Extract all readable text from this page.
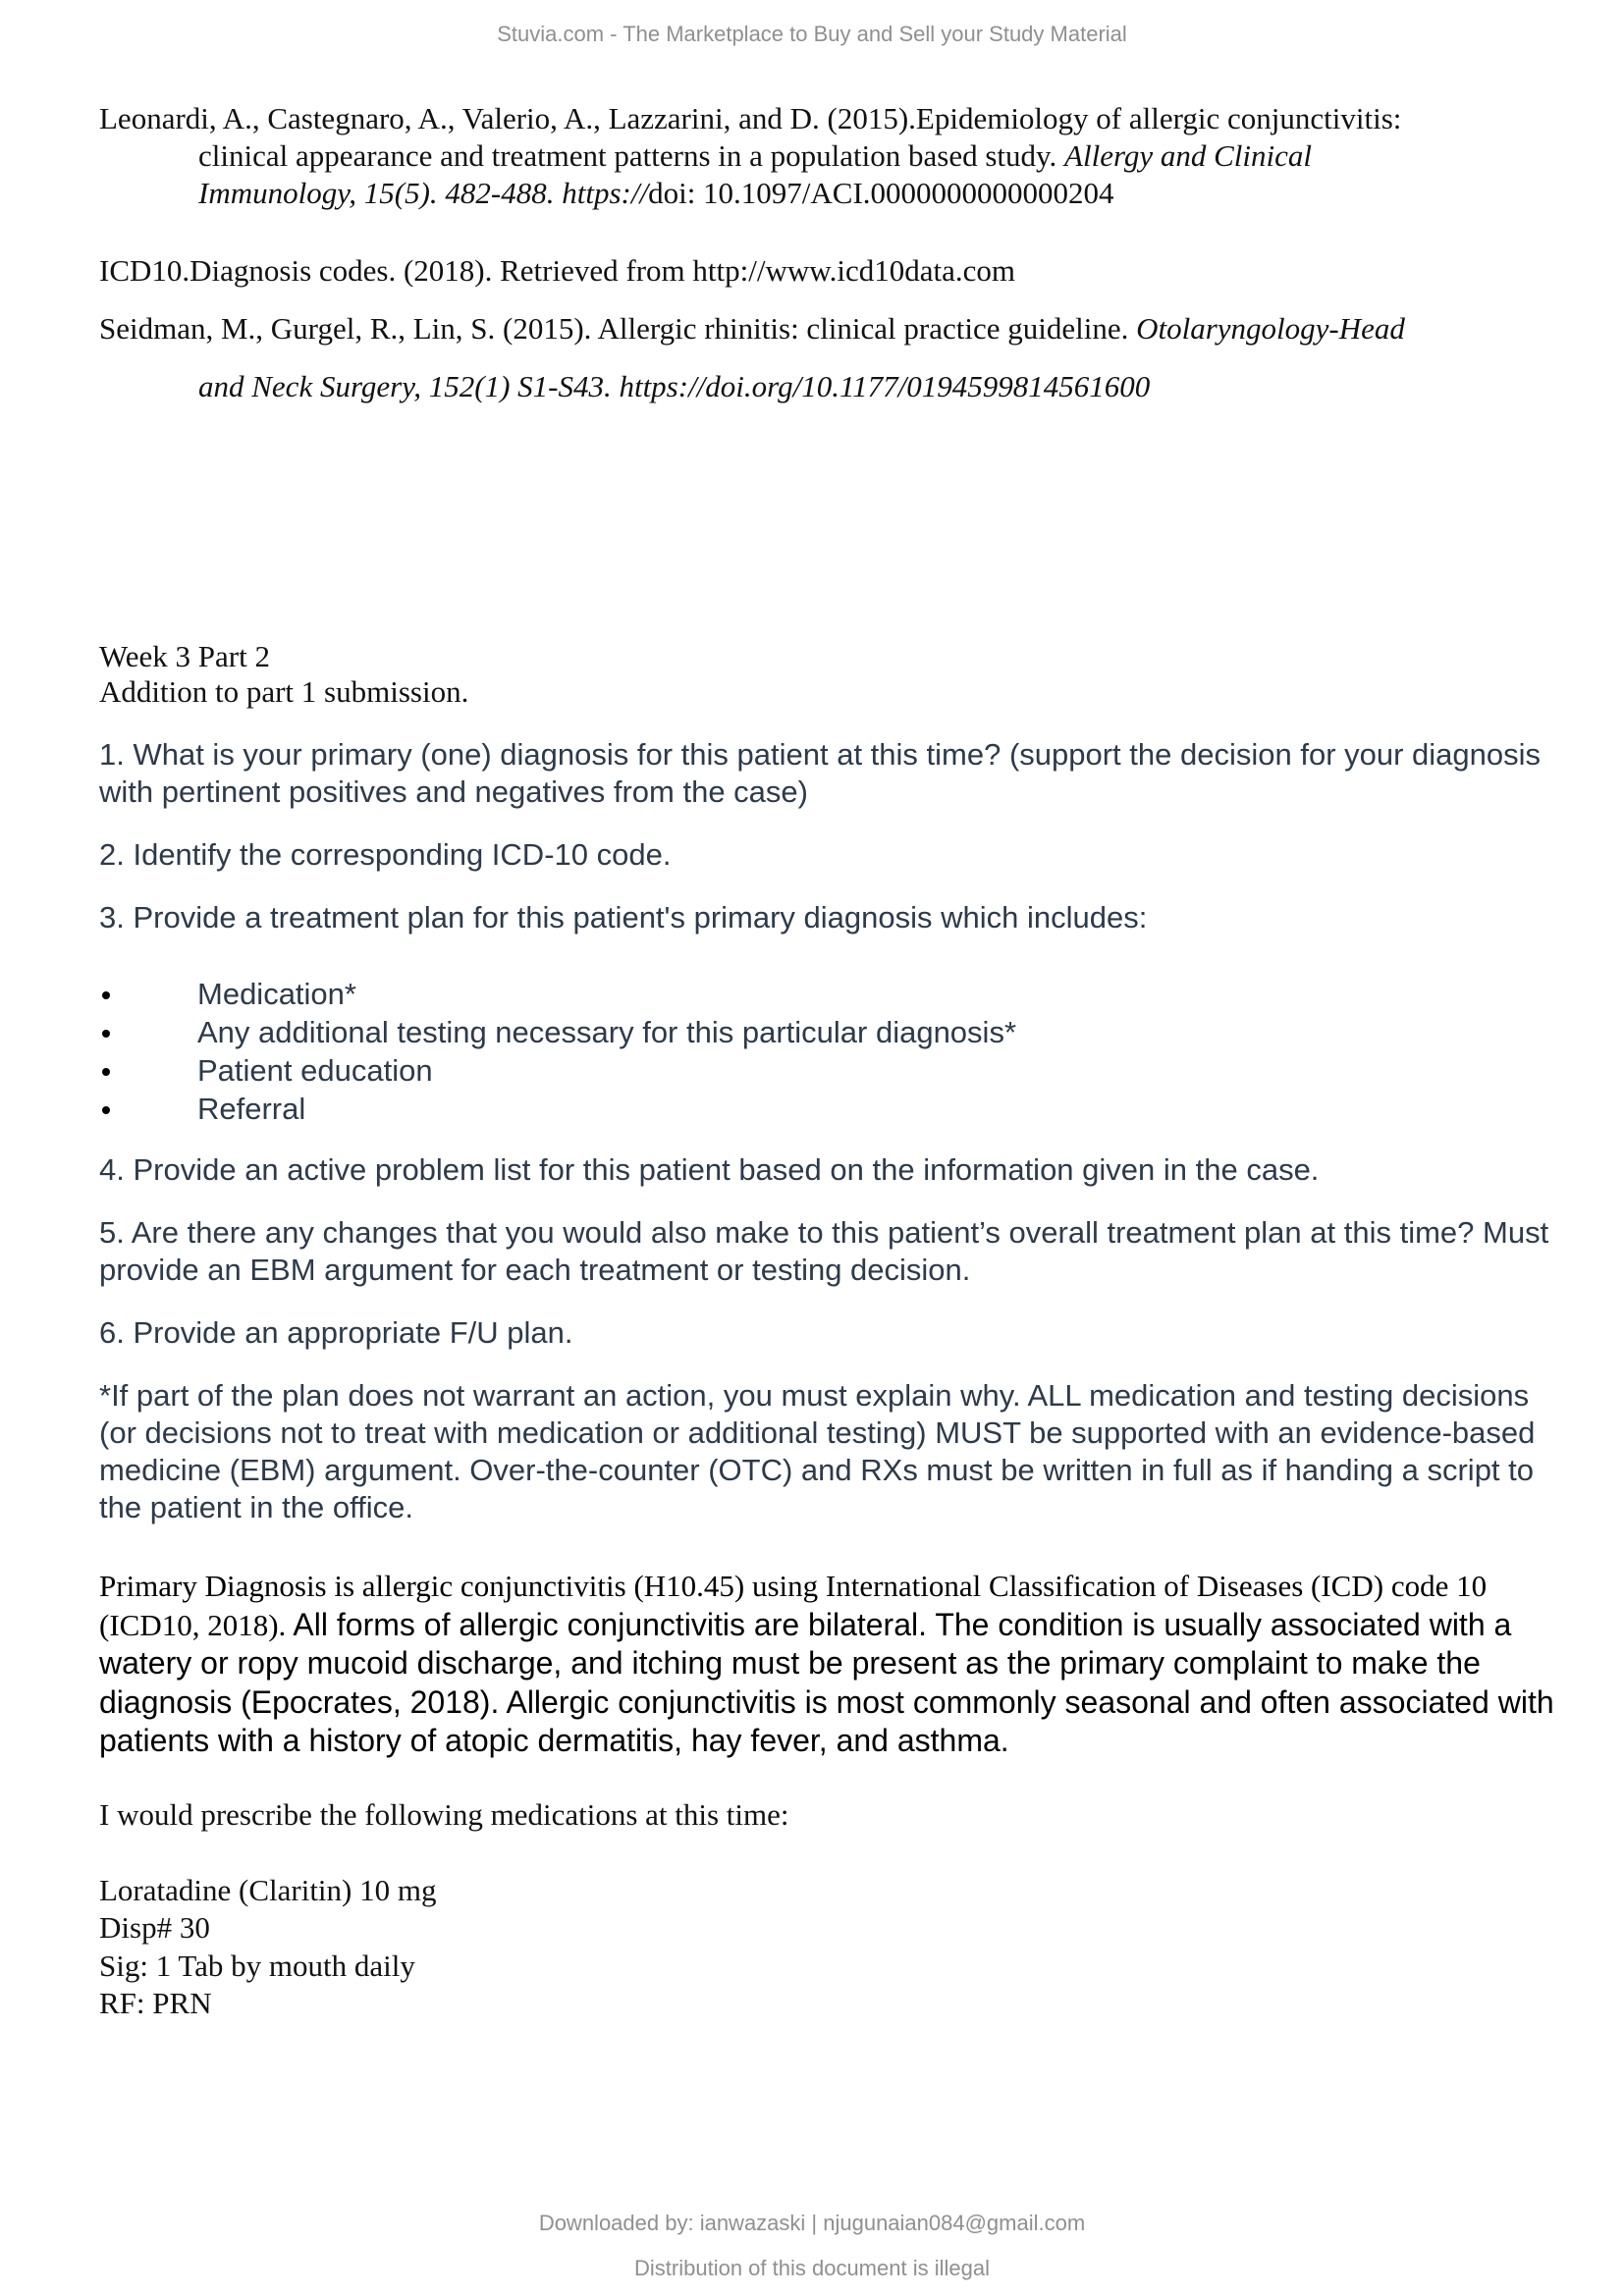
Stuvia.com - The Marketplace to Buy and Sell your Study Material
Leonardi, A., Castegnaro, A., Valerio, A., Lazzarini, and D. (2015).Epidemiology of allergic conjunctivitis:
clinical appearance and treatment patterns in a population based study. Allergy and Clinical
Immunology, 15(5). 482-488. https://doi: 10.1097/ACI.0000000000000204
ICD10.Diagnosis codes. (2018). Retrieved from http://www.icd10data.com
Seidman, M., Gurgel, R., Lin, S. (2015). Allergic rhinitis: clinical practice guideline. Otolaryngology-Head
and Neck Surgery, 152(1) S1-S43. https://doi.org/10.1177/0194599814561600
Week 3 Part 2
Addition to part 1 submission.
1. What is your primary (one) diagnosis for this patient at this time? (support the decision for your diagnosis with pertinent positives and negatives from the case)
2. Identify the corresponding ICD-10 code.
3. Provide a treatment plan for this patient's primary diagnosis which includes:
Medication*
Any additional testing necessary for this particular diagnosis*
Patient education
Referral
4. Provide an active problem list for this patient based on the information given in the case.
5. Are there any changes that you would also make to this patient’s overall treatment plan at this time? Must provide an EBM argument for each treatment or testing decision.
6. Provide an appropriate F/U plan.
*If part of the plan does not warrant an action, you must explain why. ALL medication and testing decisions (or decisions not to treat with medication or additional testing) MUST be supported with an evidence-based medicine (EBM) argument. Over-the-counter (OTC) and RXs must be written in full as if handing a script to the patient in the office.
Primary Diagnosis is allergic conjunctivitis (H10.45) using International Classification of Diseases (ICD) code 10 (ICD10, 2018). All forms of allergic conjunctivitis are bilateral. The condition is usually associated with a watery or ropy mucoid discharge, and itching must be present as the primary complaint to make the diagnosis (Epocrates, 2018). Allergic conjunctivitis is most commonly seasonal and often associated with patients with a history of atopic dermatitis, hay fever, and asthma.
I would prescribe the following medications at this time:
Loratadine (Claritin) 10 mg
Disp# 30
Sig: 1 Tab by mouth daily
RF: PRN
Downloaded by: ianwazaski | njugunaian084@gmail.com
Distribution of this document is illegal
